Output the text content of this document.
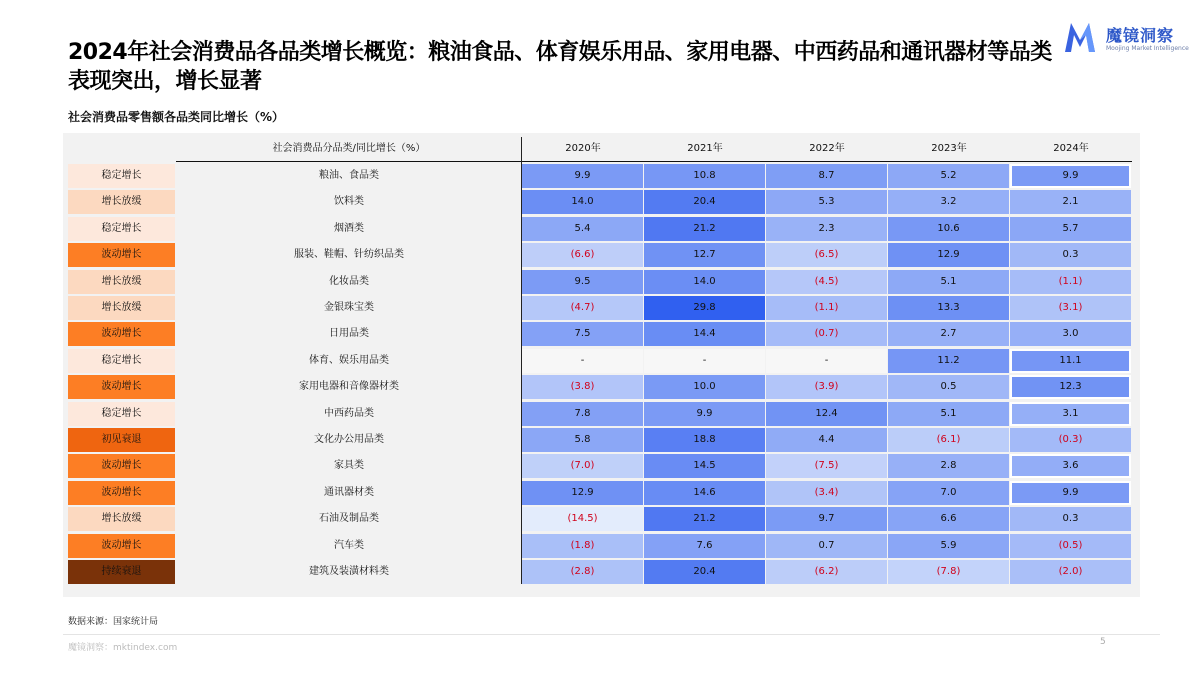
2024年社会消费品各品类增长概览：粮油食品、体育娱乐用品、家用电器、中西药品和通讯器材等品类表现突出，增长显著
魔镜洞察
Moojing Market Intelligence
社会消费品零售额各品类同比增长（%）
社会消费品分品类/同比增长（%）	2020年	2021年	2022年	2023年	2024年
稳定增长	粮油、食品类	9.9	10.8	8.7	5.2	9.9
增长放缓	饮料类	14.0	20.4	5.3	3.2	2.1
稳定增长	烟酒类	5.4	21.2	2.3	10.6	5.7
波动增长	服装、鞋帽、针纺织品类	(6.6)	12.7	(6.5)	12.9	0.3
增长放缓	化妆品类	9.5	14.0	(4.5)	5.1	(1.1)
增长放缓	金银珠宝类	(4.7)	29.8	(1.1)	13.3	(3.1)
波动增长	日用品类	7.5	14.4	(0.7)	2.7	3.0
稳定增长	体育、娱乐用品类	-	-	-	11.2	11.1
波动增长	家用电器和音像器材类	(3.8)	10.0	(3.9)	0.5	12.3
稳定增长	中西药品类	7.8	9.9	12.4	5.1	3.1
初见衰退	文化办公用品类	5.8	18.8	4.4	(6.1)	(0.3)
波动增长	家具类	(7.0)	14.5	(7.5)	2.8	3.6
波动增长	通讯器材类	12.9	14.6	(3.4)	7.0	9.9
增长放缓	石油及制品类	(14.5)	21.2	9.7	6.6	0.3
波动增长	汽车类	(1.8)	7.6	0.7	5.9	(0.5)
持续衰退	建筑及装潢材料类	(2.8)	20.4	(6.2)	(7.8)	(2.0)
数据来源：国家统计局
魔镜洞察：mktindex.com
5
